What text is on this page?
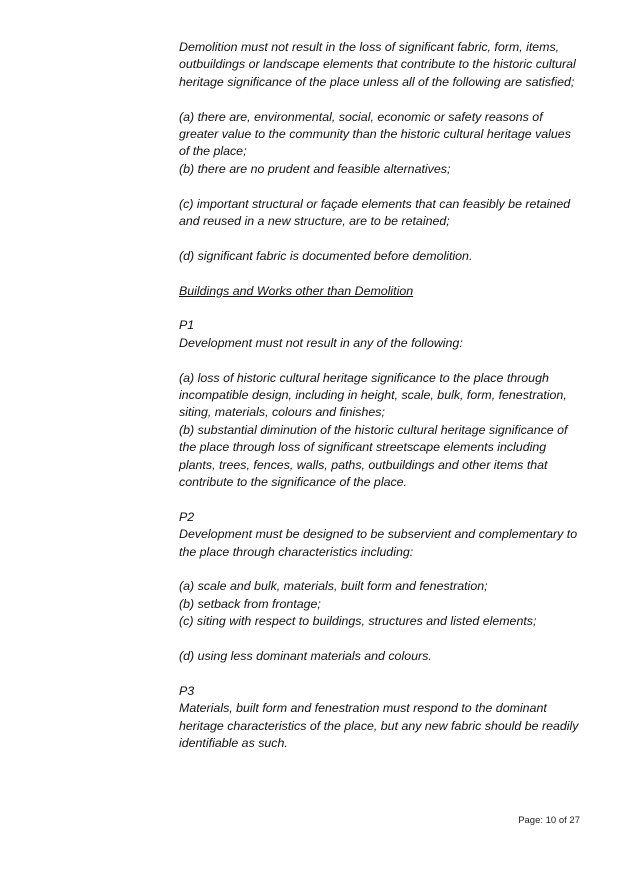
Demolition must not result in the loss of significant fabric, form, items, outbuildings or landscape elements that contribute to the historic cultural heritage significance of the place unless all of the following are satisfied;

(a) there are, environmental, social, economic or safety reasons of greater value to the community than the historic cultural heritage values of the place;

(b) there are no prudent and feasible alternatives;

(c) important structural or façade elements that can feasibly be retained and reused in a new structure, are to be retained;

(d) significant fabric is documented before demolition.

Buildings and Works other than Demolition

P1

Development must not result in any of the following:

(a) loss of historic cultural heritage significance to the place through incompatible design, including in height, scale, bulk, form, fenestration, siting, materials, colours and finishes;

(b) substantial diminution of the historic cultural heritage significance of the place through loss of significant streetscape elements including plants, trees, fences, walls, paths, outbuildings and other items that contribute to the significance of the place.

P2

Development must be designed to be subservient and complementary to the place through characteristics including:

(a) scale and bulk, materials, built form and fenestration;

(b) setback from frontage;

(c) siting with respect to buildings, structures and listed elements;

(d) using less dominant materials and colours.

P3

Materials, built form and fenestration must respond to the dominant heritage characteristics of the place, but any new fabric should be readily identifiable as such.

Page: 10 of 27
